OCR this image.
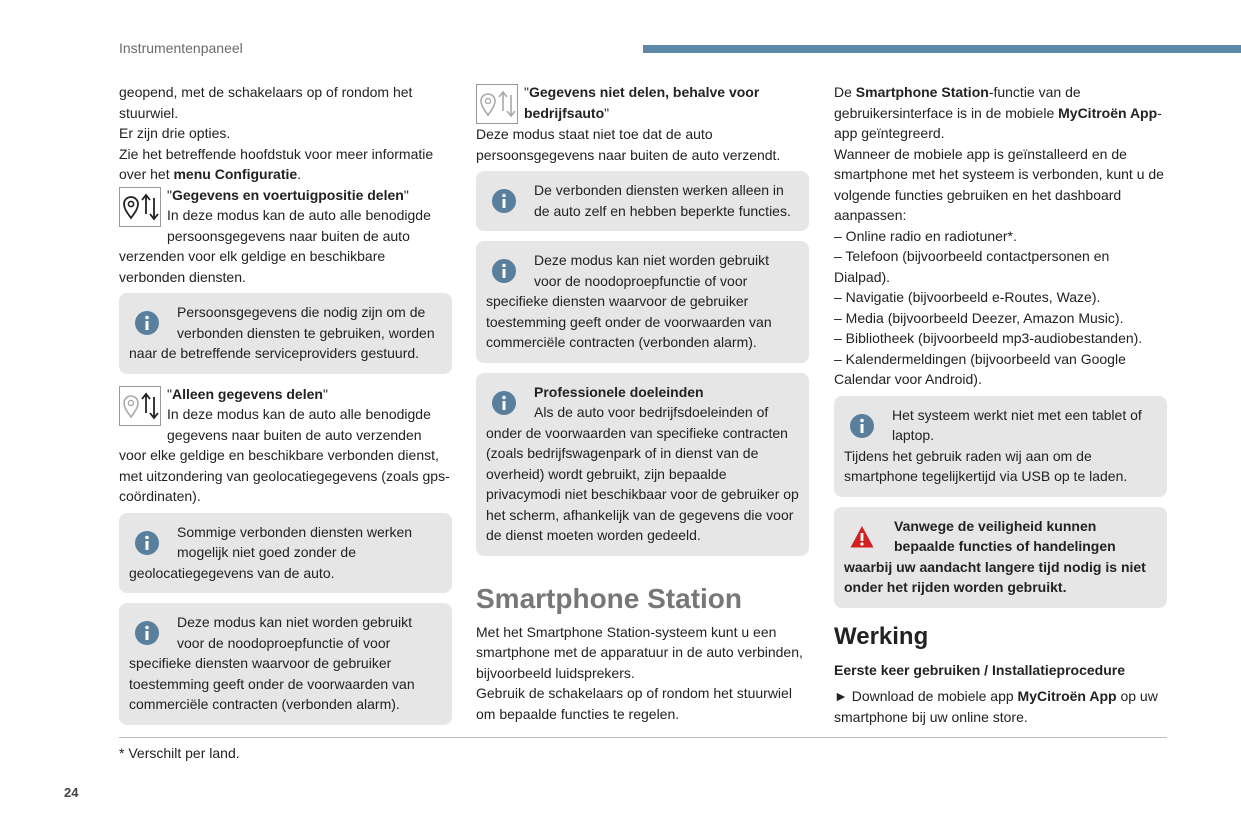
Instrumentenpaneel

geopend, met de schakelaars op of rondom het stuurwiel.

Er zijn drie opties.

Zie het betreffende hoofdstuk voor meer informatie over het menu Configuratie.

"Gegevens en voertuigpositie delen"

In deze modus kan de auto alle benodigde persoonsgegevens naar buiten de auto verzenden voor elk geldige en beschikbare verbonden diensten.

Persoonsgegevens die nodig zijn om de verbonden diensten te gebruiken, worden naar de betreffende serviceproviders gestuurd.

"Alleen gegevens delen"

In deze modus kan de auto alle benodigde gegevens naar buiten de auto verzenden voor elke geldige en beschikbare verbonden dienst, met uitzondering van geolocatiegegevens (zoals gps-coördinaten).

Sommige verbonden diensten werken mogelijk niet goed zonder de geolocatiegegevens van de auto.

Deze modus kan niet worden gebruikt voor de noodoproepfunctie of voor specifieke diensten waarvoor de gebruiker toestemming geeft onder de voorwaarden van commerciële contracten (verbonden alarm).

"Gegevens niet delen, behalve voor bedrijfsauto"

Deze modus staat niet toe dat de auto persoonsgegevens naar buiten de auto verzendt.

De verbonden diensten werken alleen in de auto zelf en hebben beperkte functies.

Deze modus kan niet worden gebruikt voor de noodoproepfunctie of voor specifieke diensten waarvoor de gebruiker toestemming geeft onder de voorwaarden van commerciële contracten (verbonden alarm).

Professionele doeleinden

Als de auto voor bedrijfsdoeleinden of onder de voorwaarden van specifieke contracten (zoals bedrijfswagenpark of in dienst van de overheid) wordt gebruikt, zijn bepaalde privacymodi niet beschikbaar voor de gebruiker op het scherm, afhankelijk van de gegevens die voor de dienst moeten worden gedeeld.

Smartphone Station

Met het Smartphone Station-systeem kunt u een smartphone met de apparatuur in de auto verbinden, bijvoorbeeld luidsprekers.

Gebruik de schakelaars op of rondom het stuurwiel om bepaalde functies te regelen.

De Smartphone Station-functie van de gebruikersinterface is in de mobiele MyCitroën App-app geïntegreerd.

Wanneer de mobiele app is geïnstalleerd en de smartphone met het systeem is verbonden, kunt u de volgende functies gebruiken en het dashboard aanpassen:

– Online radio en radiotuner*.

– Telefoon (bijvoorbeeld contactpersonen en Dialpad).

– Navigatie (bijvoorbeeld e-Routes, Waze).

– Media (bijvoorbeeld Deezer, Amazon Music).

– Bibliotheek (bijvoorbeeld mp3-audiobestanden).

– Kalendermeldingen (bijvoorbeeld van Google Calendar voor Android).

Het systeem werkt niet met een tablet of laptop.

Tijdens het gebruik raden wij aan om de smartphone tegelijkertijd via USB op te laden.

Vanwege de veiligheid kunnen bepaalde functies of handelingen waarbij uw aandacht langere tijd nodig is niet onder het rijden worden gebruikt.

Werking

Eerste keer gebruiken / Installatieprocedure

► Download de mobiele app MyCitroën App op uw smartphone bij uw online store.

* Verschilt per land.
24
